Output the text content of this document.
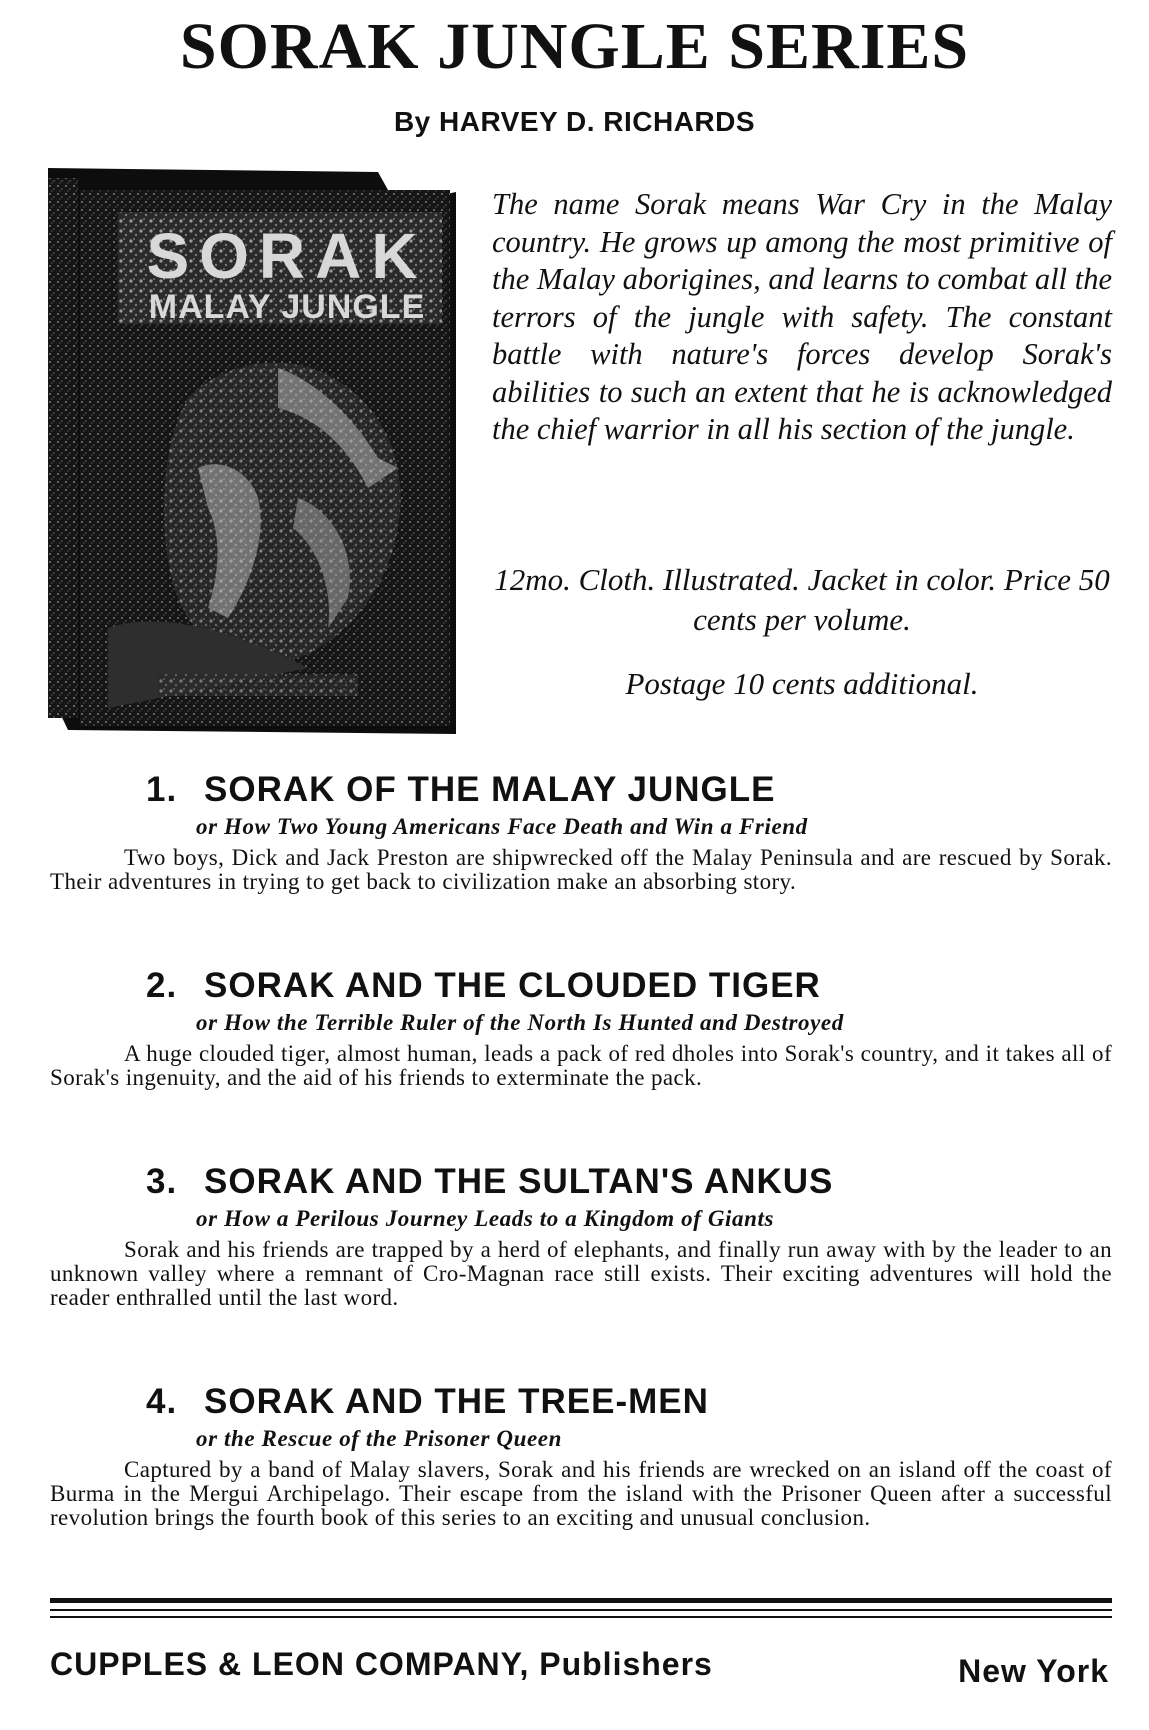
SORAK JUNGLE SERIES
By HARVEY D. RICHARDS
SORAK
MALAY JUNGLE
The name Sorak means War Cry in the Malay country. He grows up among the most primitive of the Malay aborigines, and learns to combat all the terrors of the jungle with safety. The constant battle with nature's forces develop Sorak's abilities to such an extent that he is acknowledged the chief warrior in all his section of the jungle.
12mo. Cloth. Illustrated. Jacket in color. Price 50 cents per volume.
Postage 10 cents additional.
1. SORAK OF THE MALAY JUNGLE
or How Two Young Americans Face Death and Win a Friend
Two boys, Dick and Jack Preston are shipwrecked off the Malay Peninsula and are rescued by Sorak. Their adventures in trying to get back to civilization make an absorbing story.
2. SORAK AND THE CLOUDED TIGER
or How the Terrible Ruler of the North Is Hunted and Destroyed
A huge clouded tiger, almost human, leads a pack of red dholes into Sorak's country, and it takes all of Sorak's ingenuity, and the aid of his friends to exterminate the pack.
3. SORAK AND THE SULTAN'S ANKUS
or How a Perilous Journey Leads to a Kingdom of Giants
Sorak and his friends are trapped by a herd of elephants, and finally run away with by the leader to an unknown valley where a remnant of Cro-Magnan race still exists. Their exciting adventures will hold the reader enthralled until the last word.
4. SORAK AND THE TREE-MEN
or the Rescue of the Prisoner Queen
Captured by a band of Malay slavers, Sorak and his friends are wrecked on an island off the coast of Burma in the Mergui Archipelago. Their escape from the island with the Prisoner Queen after a successful revolution brings the fourth book of this series to an exciting and unusual conclusion.
CUPPLES & LEON COMPANY, Publishers	New York
